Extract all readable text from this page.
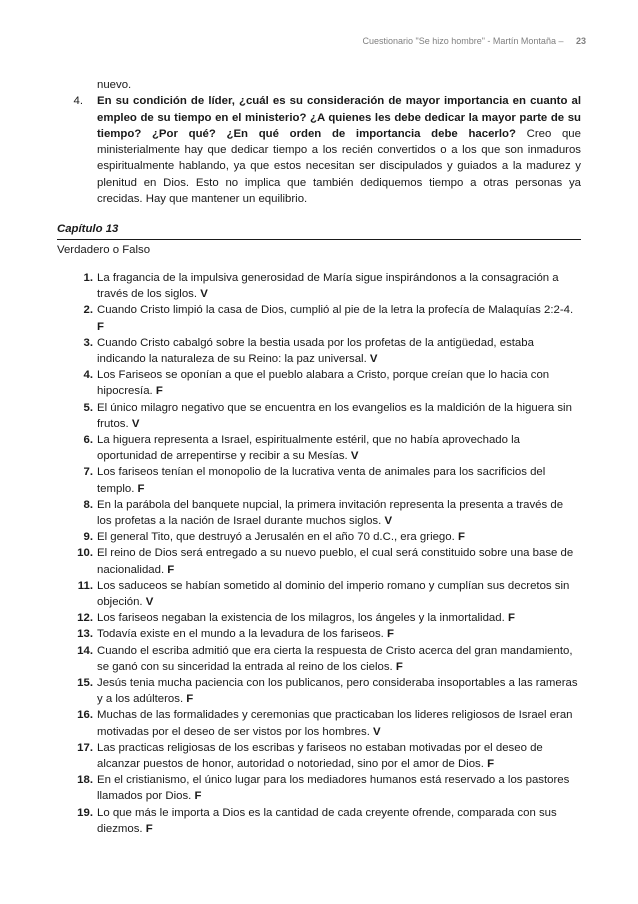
Cuestionario "Se hizo hombre" - Martín Montaña – 23
nuevo.
4.	En su condición de líder, ¿cuál es su consideración de mayor importancia en cuanto al empleo de su tiempo en el ministerio? ¿A quienes les debe dedicar la mayor parte de su tiempo? ¿Por qué? ¿En qué orden de importancia debe hacerlo? Creo que ministerialmente hay que dedicar tiempo a los recién convertidos o a los que son inmaduros espiritualmente hablando, ya que estos necesitan ser discipulados y guiados a la madurez y plenitud en Dios. Esto no implica que también dediquemos tiempo a otras personas ya crecidas. Hay que mantener un equilibrio.
Capítulo 13
Verdadero o Falso
1. La fragancia de la impulsiva generosidad de María sigue inspirándonos a la consagración a través de los siglos. V
2. Cuando Cristo limpió la casa de Dios, cumplió al pie de la letra la profecía de Malaquías 2:2-4. F
3. Cuando Cristo cabalgó sobre la bestia usada por los profetas de la antigüedad, estaba indicando la naturaleza de su Reino: la paz universal. V
4. Los Fariseos se oponían a que el pueblo alabara a Cristo, porque creían que lo hacia con hipocresía. F
5. El único milagro negativo que se encuentra en los evangelios es la maldición de la higuera sin frutos. V
6. La higuera representa a Israel, espiritualmente estéril, que no había aprovechado la oportunidad de arrepentirse y recibir a su Mesías. V
7. Los fariseos tenían el monopolio de la lucrativa venta de animales para los sacrificios del templo. F
8. En la parábola del banquete nupcial, la primera invitación representa la presenta a través de los profetas a la nación de Israel durante muchos siglos. V
9. El general Tito, que destruyó a Jerusalén en el año 70 d.C., era griego. F
10. El reino de Dios será entregado a su nuevo pueblo, el cual será constituido sobre una base de nacionalidad. F
11. Los saduceos se habían sometido al dominio del imperio romano y cumplían sus decretos sin objeción. V
12. Los fariseos negaban la existencia de los milagros, los ángeles y la inmortalidad. F
13. Todavía existe en el mundo a la levadura de los fariseos. F
14. Cuando el escriba admitió que era cierta la respuesta de Cristo acerca del gran mandamiento, se ganó con su sinceridad la entrada al reino de los cielos. F
15. Jesús tenia mucha paciencia con los publicanos, pero consideraba insoportables a las rameras y a los adúlteros. F
16. Muchas de las formalidades y ceremonias que practicaban los lideres religiosos de Israel eran motivadas por el deseo de ser vistos por los hombres. V
17. Las practicas religiosas de los escribas y fariseos no estaban motivadas por el deseo de alcanzar puestos de honor, autoridad o notoriedad, sino por el amor de Dios. F
18. En el cristianismo, el único lugar para los mediadores humanos está reservado a los pastores llamados por Dios. F
19. Lo que más le importa a Dios es la cantidad de cada creyente ofrende, comparada con sus diezmos. F
